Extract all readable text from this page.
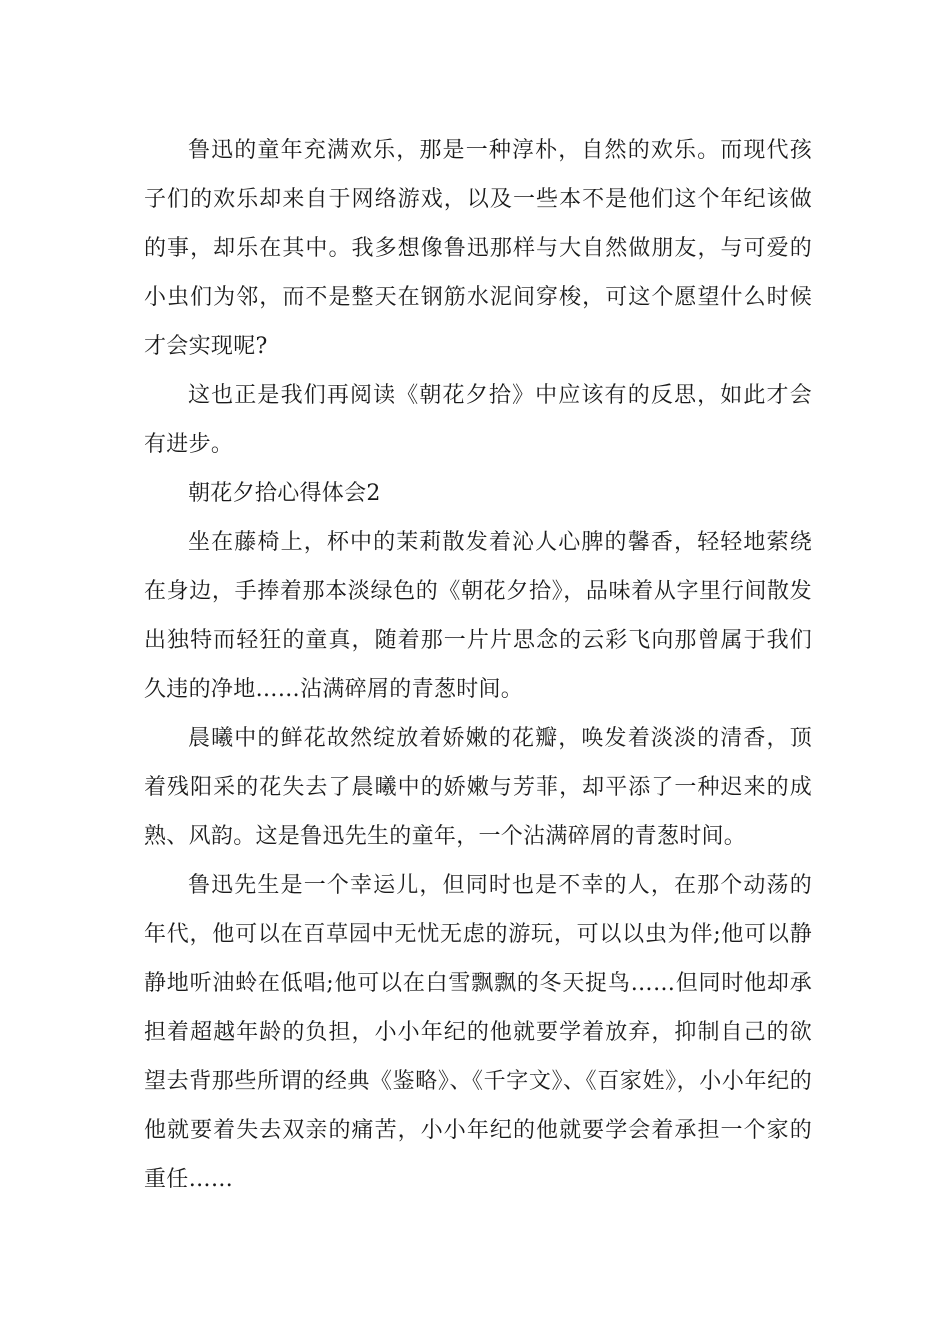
鲁迅的童年充满欢乐，那是一种淳朴，自然的欢乐。而现代孩子们的欢乐却来自于网络游戏，以及一些本不是他们这个年纪该做的事，却乐在其中。我多想像鲁迅那样与大自然做朋友，与可爱的小虫们为邻，而不是整天在钢筋水泥间穿梭，可这个愿望什么时候才会实现呢?

这也正是我们再阅读《朝花夕拾》中应该有的反思，如此才会有进步。

朝花夕拾心得体会2

坐在藤椅上，杯中的茉莉散发着沁人心脾的馨香，轻轻地萦绕在身边，手捧着那本淡绿色的《朝花夕拾》，品味着从字里行间散发出独特而轻狂的童真，随着那一片片思念的云彩飞向那曾属于我们久违的净地……沾满碎屑的青葱时间。

晨曦中的鲜花故然绽放着娇嫩的花瓣，唤发着淡淡的清香，顶着残阳采的花失去了晨曦中的娇嫩与芳菲，却平添了一种迟来的成熟、风韵。这是鲁迅先生的童年，一个沾满碎屑的青葱时间。

鲁迅先生是一个幸运儿，但同时也是不幸的人，在那个动荡的年代，他可以在百草园中无忧无虑的游玩，可以以虫为伴;他可以静静地听油蛉在低唱;他可以在白雪飘飘的冬天捉鸟……但同时他却承担着超越年龄的负担，小小年纪的他就要学着放弃，抑制自己的欲望去背那些所谓的经典《鉴略》、《千字文》、《百家姓》，小小年纪的他就要着失去双亲的痛苦，小小年纪的他就要学会着承担一个家的重任……
